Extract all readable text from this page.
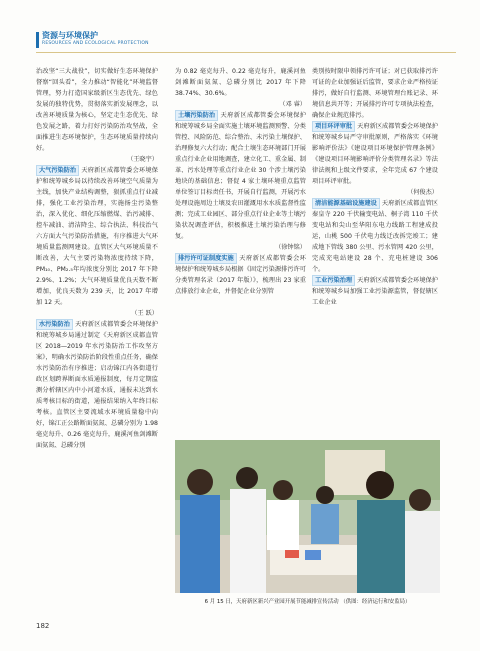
资源与环境保护
RESOURCES AND ECOLOGICAL PROTECTION

治改坚“三大战役”，切实做好生态环境保护督察“回头看”，全力推动“智能化”环境监督管理，努力打造国家级新区生态优先、绿色发展的独特优势，贯彻落实新发展理念，以改善环境质量为核心，坚定走生态优先、绿色发展之路，着力打好污染防治攻坚战，全面推进生态环境保护，生态环境质量持续向好。

（王晓宇）

大气污染防治 天府新区成都管委会环境保护和统筹城乡局以持续改善环境空气质量为主线，加快产业结构调整，狠抓重点行业减排，强化工业污染治理，实施扬尘污染整治，深入优化、细化压缩燃煤、治污减排、控车减油、清洁降尘、综合执法、科技治气六方面大气污染防治措施，有序推进大气环境质量监测网建设。直管区大气环境质量不断改善，大气主要污染物浓度持续下降，PM₁₀、PM₂.₅年均浓度分别比 2017 年下降 2.9%、1.2%；大气环境质量优良天数不断增加，优良天数为 239 天，比 2017 年增加 12 天。

（王 跃）

水污染防治 天府新区成都管委会环境保护和统筹城乡局通过制定《天府新区成都直管区 2018—2019 年水污染防治工作攻坚方案》，明确水污染防治阶段性重点任务，确保水污染防治有序推进；启动锦江内各街道行政区划跨界断面水质通报制度，每月定期监测分析辖区内中小河道水质，通报未达到水质考核目标的街道，通报结果纳入年终目标考核。直管区主要流域水环境质量稳中向好，锦江正公路断面氨氮、总磷分别为 1.98 毫克每升、0.26 毫克每升，鹿溪河鱼剑滩断面氨氮、总磷分别

为 0.82 毫克每升、0.22 毫克每升，鹿溪河鱼剑滩断面氨氮、总磷分别比 2017 年下降 38.74%、30.6%。

（邓 睿）

土壤污染防治 天府新区成都管委会环境保护和统筹城乡局全面实施土壤环境监测预警、分类管控、风险防范、综合整治、未污染土壤保护、治理修复六大行动；配合土壤生态环境部门开展重点行业企业用地调查，建立化工、重金属、制革、污水处理等重点行业企业 30 个涉土壤污染地块的基础信息；督促 4 家土壤环境重点监管单位签订目标责任书，开展自行监测，开展污水处理设施周边土壤及农田灌溉用水水质监督性监测；完成工业园区、部分重点行业企业等土壤污染状况调查评估，积极推进土壤污染治理与修复。

（徐钟铭）

排污许可证制度实施 天府新区成都管委会环境保护和统筹城乡局根据《固定污染源排污许可分类管理名录（2017 年版）》，梳理出 23 家重点排放行业企业，并督促企业分别管

类别按时限申领排污许可证；对已获取排污许可证的企业加强证后监管，要求企业严格按证排污，做好自行监测、环境管理台账记录、环境信息共开等；开展排污许可专项执法检查，确保企业规范排污。

项目环评审批 天府新区成都管委会环境保护和统筹城乡局严守审批原则，严格落实《环境影响评价法》《建设项目环境保护管理条例》《建设项目环境影响评价分类管理名录》等法律法规和上级文件要求，全年完成 67 个建设项目环评审批。

（何俊杰）

清洁能源基础设施建设 天府新区成都直管区秦皇寺 220 千伏输变电站、桐子湾 110 千伏变电站和尖山至华阳东电力线路工程建成投运，山桃 500 千伏电力线迁改拆完竣工；建成地下管线 380 公里、污水管网 420 公里，完成充电站建设 28 个、充电桩建设 306 个。

工业污染治理 天府新区成都管委会环境保护和统筹城乡局加强工业污染源监管，督促辖区工业企业

6 月 15 日，天府新区新兴产业园开展节能减排宣传活动 （供图：经济运行和安监局）
182
